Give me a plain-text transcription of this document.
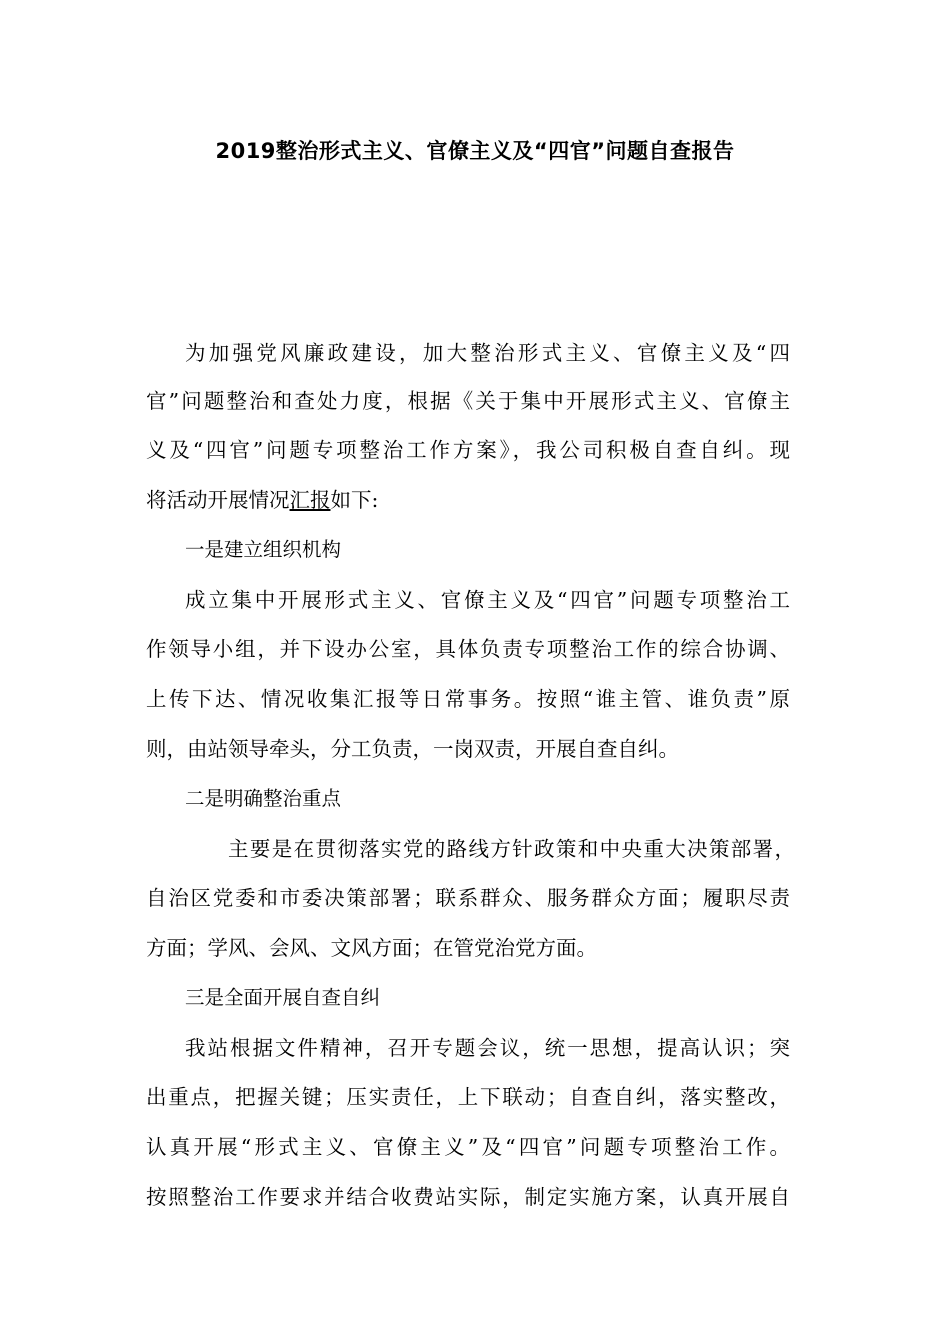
2019整治形式主义、官僚主义及“四官”问题自查报告
为加强党风廉政建设，加大整治形式主义、官僚主义及“四
官”问题整治和查处力度，根据《关于集中开展形式主义、官僚主
义及“四官”问题专项整治工作方案》，我公司积极自查自纠。现
将活动开展情况汇报如下:
一是建立组织机构
成立集中开展形式主义、官僚主义及“四官”问题专项整治工
作领导小组，并下设办公室，具体负责专项整治工作的综合协调、
上传下达、情况收集汇报等日常事务。按照“谁主管、谁负责”原
则，由站领导牵头，分工负责，一岗双责，开展自查自纠。
二是明确整治重点
主要是在贯彻落实党的路线方针政策和中央重大决策部署，
自治区党委和市委决策部署；联系群众、服务群众方面；履职尽责
方面；学风、会风、文风方面；在管党治党方面。
三是全面开展自查自纠
我站根据文件精神，召开专题会议，统一思想，提高认识；突
出重点，把握关键；压实责任，上下联动；自查自纠，落实整改，
认真开展“形式主义、官僚主义”及“四官”问题专项整治工作。
按照整治工作要求并结合收费站实际，制定实施方案，认真开展自
